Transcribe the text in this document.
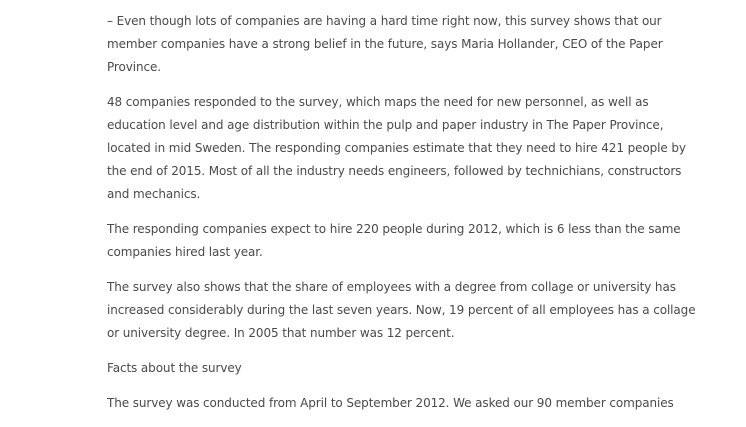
– Even though lots of companies are having a hard time right now, this survey shows that our
member companies have a strong belief in the future, says Maria Hollander, CEO of the Paper
Province.

48 companies responded to the survey, which maps the need for new personnel, as well as
education level and age distribution within the pulp and paper industry in The Paper Province,
located in mid Sweden. The responding companies estimate that they need to hire 421 people by
the end of 2015. Most of all the industry needs engineers, followed by technichians, constructors
and mechanics.

The responding companies expect to hire 220 people during 2012, which is 6 less than the same
companies hired last year.

The survey also shows that the share of employees with a degree from collage or university has
increased considerably during the last seven years. Now, 19 percent of all employees has a collage
or university degree. In 2005 that number was 12 percent.

Facts about the survey

The survey was conducted from April to September 2012. We asked our 90 member companies
